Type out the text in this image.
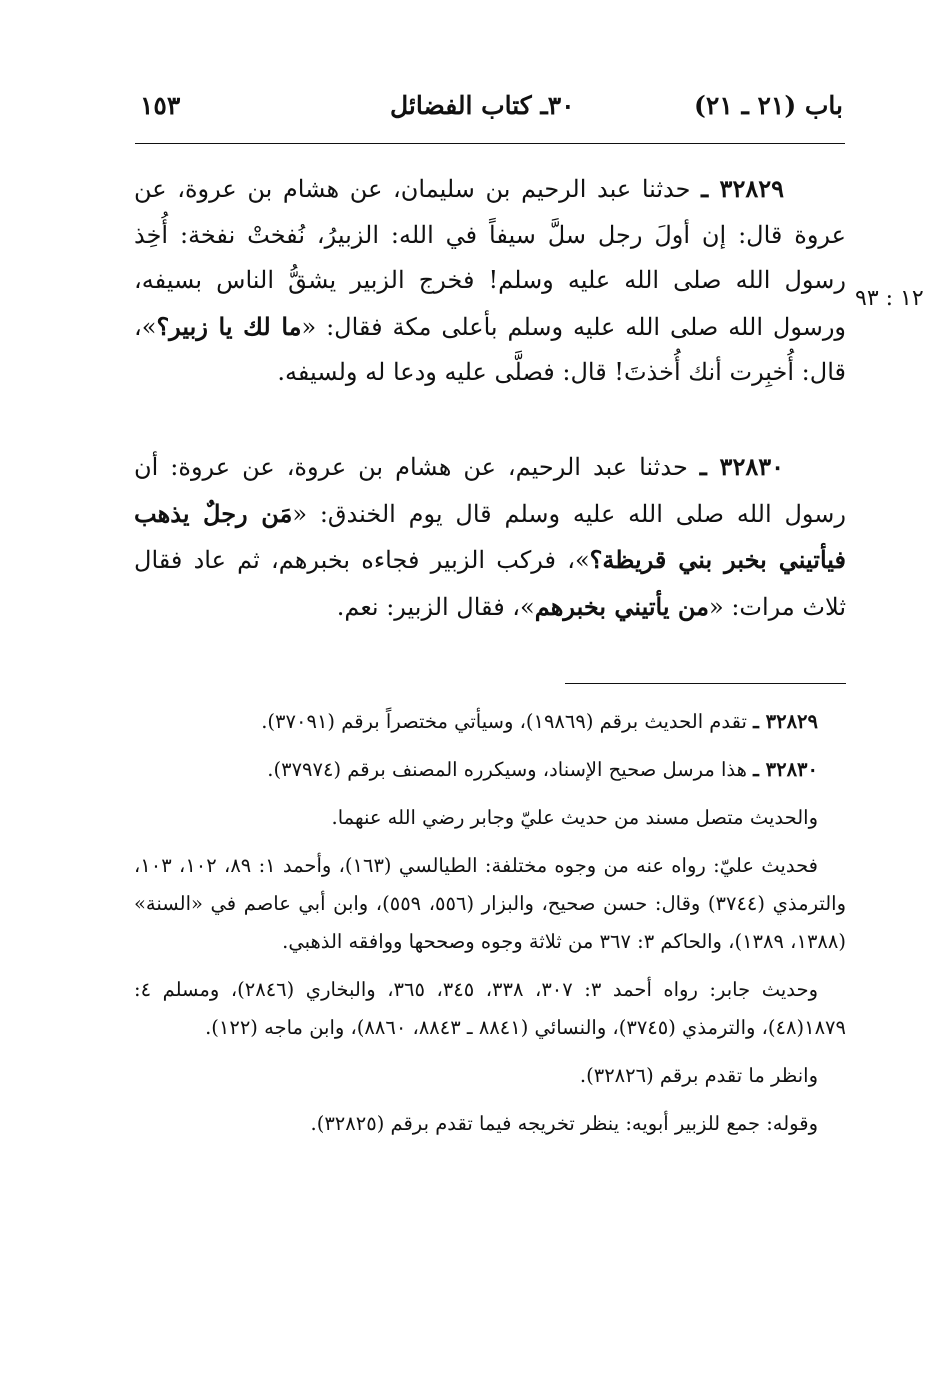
باب (٢١ ـ ٢١)
٣٠ـ كتاب الفضائل
١٥٣

٣٢٨٢٩ ـ حدثنا عبد الرحيم بن سليمان، عن هشام بن عروة، عن عروة قال: إن أولَ رجل سلَّ سيفاً في الله: الزبيرُ، نُفختْ نفخة: أُخِذ رسول الله صلى الله عليه وسلم! فخرج الزبير يشقُّ الناس بسيفه، ورسول الله صلى الله عليه وسلم بأعلى مكة فقال: «ما لك يا زبير؟»، قال: أُخبِرت أنك أُخذتَ! قال: فصلَّى عليه ودعا له ولسيفه.

١٢ : ٩٣

٣٢٨٣٠ ـ حدثنا عبد الرحيم، عن هشام بن عروة، عن عروة: أن رسول الله صلى الله عليه وسلم قال يوم الخندق: «مَن رجلٌ يذهب فيأتيني بخبر بني قريظة؟»، فركب الزبير فجاءه بخبرهم، ثم عاد فقال ثلاث مرات: «من يأتيني بخبرهم»، فقال الزبير: نعم.

٣٢٨٢٩ ـ تقدم الحديث برقم (١٩٨٦٩)، وسيأتي مختصراً برقم (٣٧٠٩١).

٣٢٨٣٠ ـ هذا مرسل صحيح الإسناد، وسيكرره المصنف برقم (٣٧٩٧٤).

والحديث متصل مسند من حديث عليّ وجابر رضي الله عنهما.

فحديث عليّ: رواه عنه من وجوه مختلفة: الطيالسي (١٦٣)، وأحمد ١: ٨٩، ١٠٢، ١٠٣، والترمذي (٣٧٤٤) وقال: حسن صحيح، والبزار (٥٥٦، ٥٥٩)، وابن أبي عاصم في «السنة» (١٣٨٨، ١٣٨٩)، والحاكم ٣: ٣٦٧ من ثلاثة وجوه وصححها ووافقه الذهبي.

وحديث جابر: رواه أحمد ٣: ٣٠٧، ٣٣٨، ٣٤٥، ٣٦٥، والبخاري (٢٨٤٦)، ومسلم ٤: ١٨٧٩(٤٨)، والترمذي (٣٧٤٥)، والنسائي (٨٨٤١ ـ ٨٨٤٣، ٨٨٦٠)، وابن ماجه (١٢٢).

وانظر ما تقدم برقم (٣٢٨٢٦).

وقوله: جمع للزبير أبويه: ينظر تخريجه فيما تقدم برقم (٣٢٨٢٥).
